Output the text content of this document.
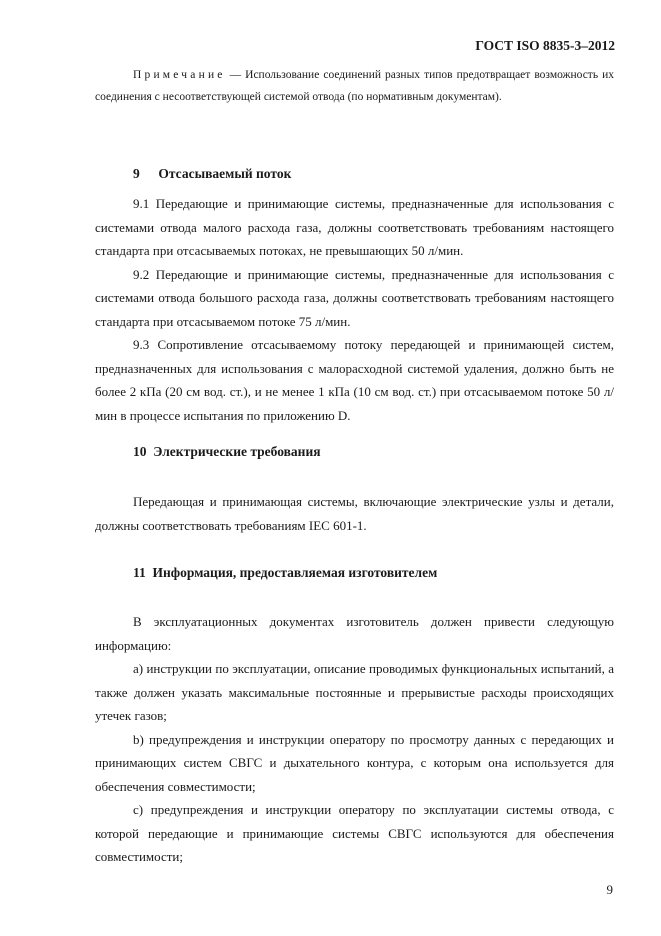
ГОСТ ISO 8835-3–2012

Примечание — Использование соединений разных типов предотвращает возможность их соединения с несоответствующей системой отвода (по нормативным документам).

9 Отсасываемый поток

9.1 Передающие и принимающие системы, предназначенные для использования с системами отвода малого расхода газа, должны соответствовать требованиям настоящего стандарта при отсасываемых потоках, не превышающих 50 л/мин.

9.2 Передающие и принимающие системы, предназначенные для использования с системами отвода большого расхода газа, должны соответствовать требованиям настоящего стандарта при отсасываемом потоке 75 л/мин.

9.3 Сопротивление отсасываемому потоку передающей и принимающей систем, предназначенных для использования с малорасходной системой удаления, должно быть не более 2 кПа (20 см вод. ст.), и не менее 1 кПа (10 см вод. ст.) при отсасываемом потоке 50 л/мин в процессе испытания по приложению D.

10 Электрические требования

Передающая и принимающая системы, включающие электрические узлы и детали, должны соответствовать требованиям IEC 601-1.

11 Информация, предоставляемая изготовителем

В эксплуатационных документах изготовитель должен привести следующую информацию:

a) инструкции по эксплуатации, описание проводимых функциональных испытаний, а также должен указать максимальные постоянные и прерывистые расходы происходящих утечек газов;

b) предупреждения и инструкции оператору по просмотру данных с передающих и принимающих систем СВГС и дыхательного контура, с которым она используется для обеспечения совместимости;

c) предупреждения и инструкции оператору по эксплуатации системы отвода, с которой передающие и принимающие системы СВГС используются для обеспечения совместимости;

9
